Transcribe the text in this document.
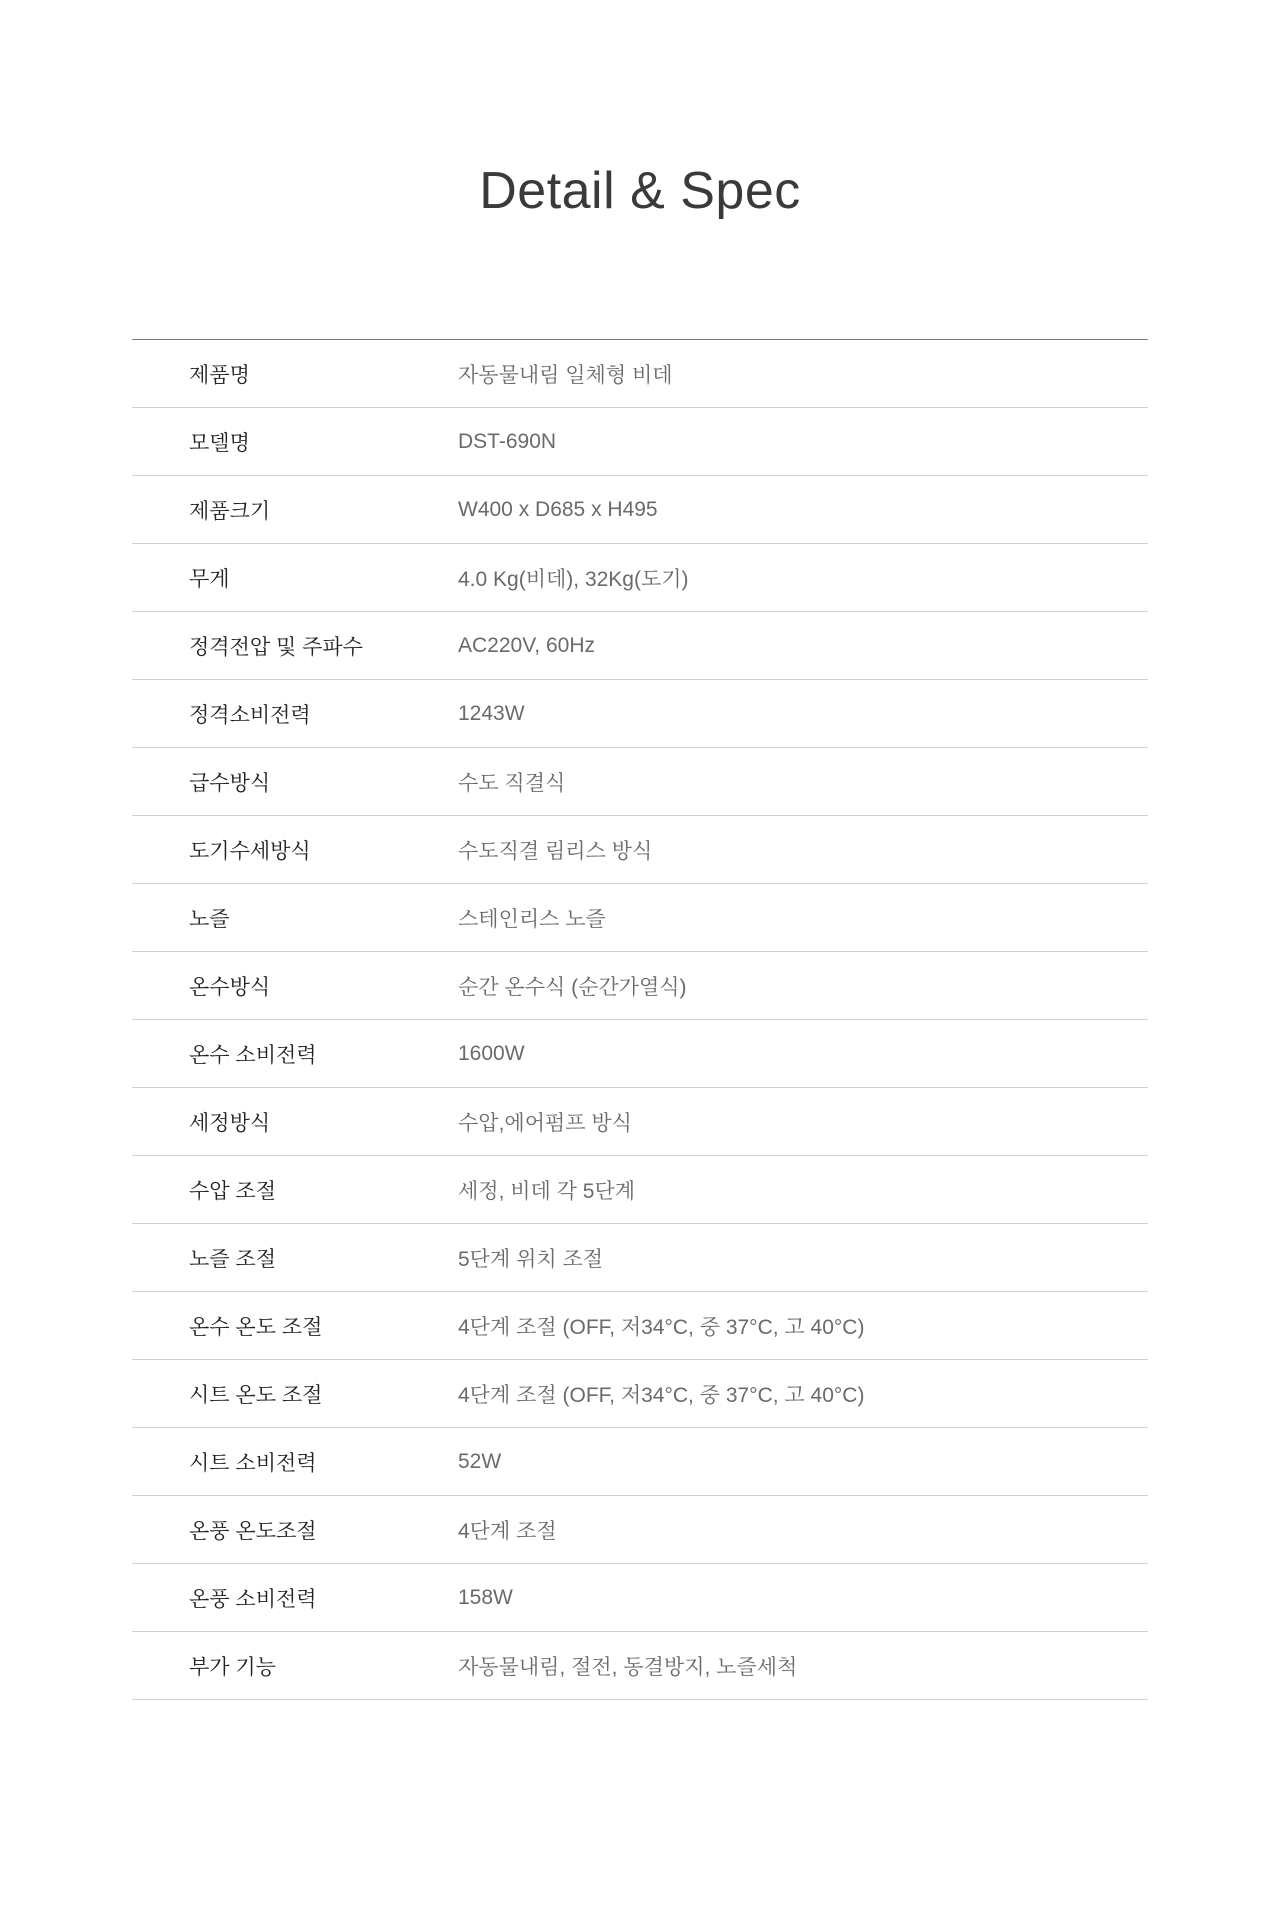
Detail & Spec
제품명	자동물내림 일체형 비데
모델명	DST-690N
제품크기	W400 x D685 x H495
무게	4.0 Kg(비데), 32Kg(도기)
정격전압 및 주파수	AC220V, 60Hz
정격소비전력	1243W
급수방식	수도 직결식
도기수세방식	수도직결 림리스 방식
노즐	스테인리스 노즐
온수방식	순간 온수식 (순간가열식)
온수 소비전력	1600W
세정방식	수압,에어펌프 방식
수압 조절	세정, 비데 각 5단계
노즐 조절	5단계 위치 조절
온수 온도 조절	4단계 조절 (OFF, 저34°C, 중 37°C, 고 40°C)
시트 온도 조절	4단계 조절 (OFF, 저34°C, 중 37°C, 고 40°C)
시트 소비전력	52W
온풍 온도조절	4단계 조절
온풍 소비전력	158W
부가 기능	자동물내림, 절전, 동결방지, 노즐세척
